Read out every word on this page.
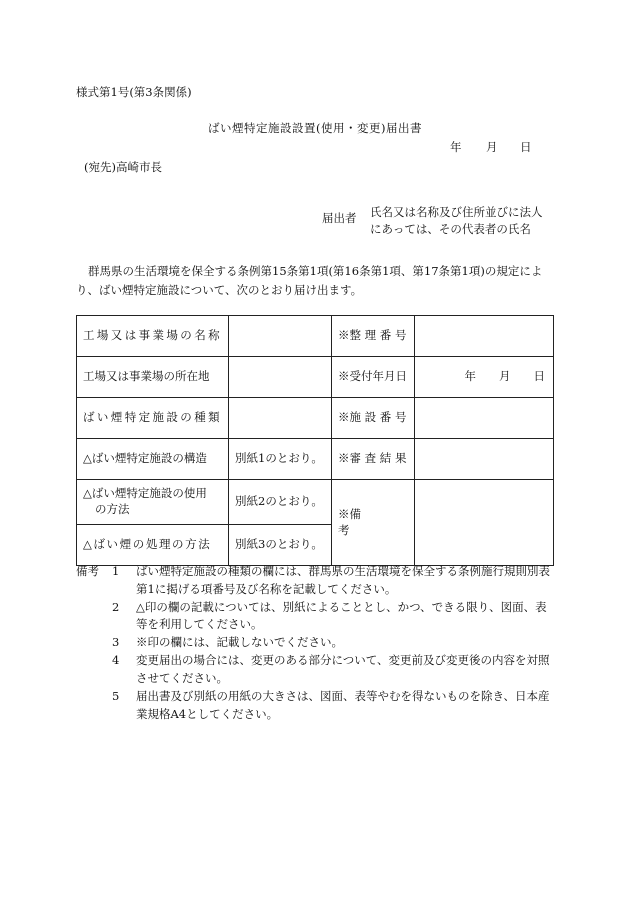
様式第1号(第3条関係)
ばい煙特定施設設置(使用・変更)届出書
年 月 日
(宛先)高崎市長
届出者 氏名又は名称及び住所並びに法人
にあっては、その代表者の氏名
群馬県の生活環境を保全する条例第15条第1項(第16条第1項、第17条第1項)の規定により、ばい煙特定施設について、次のとおり届け出ます。
工場又は事業場の名称		※整 理 番 号	
工場又は事業場の所在地		※受付年月日	年　　月　　日
ばい煙特定施設の種類		※施 設 番 号	
△ばい煙特定施設の構造	別紙1のとおり。	※審 査 結 果	

△ばい煙特定施設の使用
の方法	別紙2のとおり。	※備　　　　考	
△ばい煙の処理の方法	別紙3のとおり。		
備考	1	ばい煙特定施設の種類の欄には、群馬県の生活環境を保全する条例施行規則別表
第1に掲げる項番号及び名称を記載してください。
2	△印の欄の記載については、別紙によることとし、かつ、できる限り、図面、表
等を利用してください。
3	※印の欄には、記載しないでください。
4	変更届出の場合には、変更のある部分について、変更前及び変更後の内容を対照
させてください。
5	届出書及び別紙の用紙の大きさは、図面、表等やむを得ないものを除き、日本産
業規格A4としてください。
